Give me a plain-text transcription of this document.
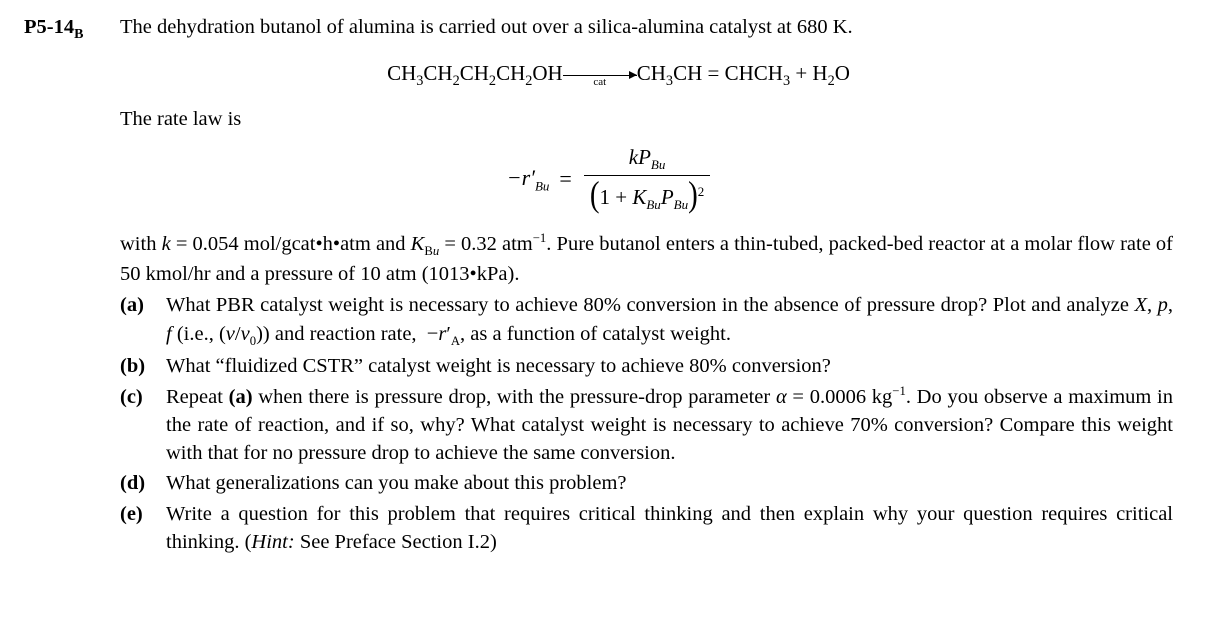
$P5-14_B$	The dehydration butanol of alumina is carried out over a silica-alumina catalyst at 680 K.
$CH_3CH_2CH_2CH_2OH$	cat $CH_3CH$ = $CHCH_3 + H_2O$
The rate law is
$-r'_{Bu} = \frac{kP_{Bu}}{(1 + K_{Bu}P_{Bu})^2}$
with k = 0.054 mol/gcat•h•atm and $K_{Bu} = 0.32$ atm$^{-1}$. Pure butanol enters a thin-tubed, packed-bed reactor at a molar flow rate of 50 kmol/hr and a pressure of 10 atm (1013•kPa).
(a)	What PBR catalyst weight is necessary to achieve 80% conversion in the absence of pressure drop? Plot and analyze X, p, f (i.e., $(v/v_0)$) and reaction rate,  $-r'_A$, as a function of catalyst weight.
(b)	What “fluidized CSTR” catalyst weight is necessary to achieve 80% conversion?
(c)	Repeat (a) when there is pressure drop, with the pressure-drop parameter α = 0.0006 $kg^{-1}$. Do you observe a maximum in the rate of reaction, and if so, why? What catalyst weight is necessary to achieve 70% conversion? Compare this weight with that for no pressure drop to achieve the same conversion.
(d)	What generalizations can you make about this problem?
(e)	Write a question for this problem that requires critical thinking and then explain why your question requires critical thinking. (Hint: See Preface Section I.2)
